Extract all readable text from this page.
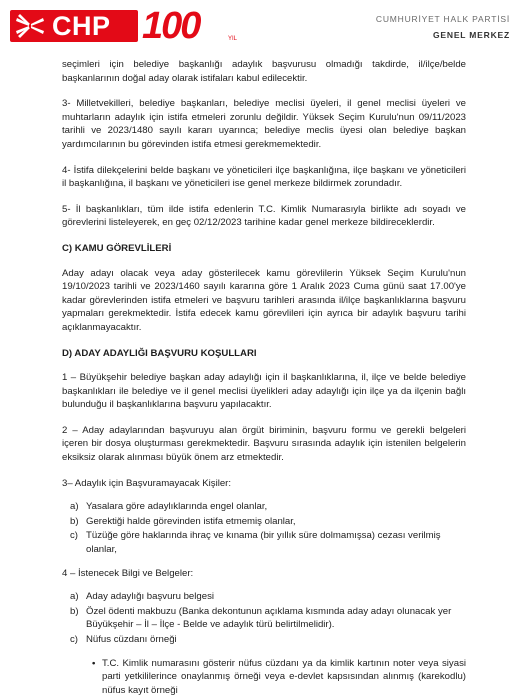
CHP 100	YIL
CUMHURİYET HALK PARTİSİ
GENEL MERKEZ

seçimleri için belediye başkanlığı adaylık başvurusu olmadığı takdirde, il/ilçe/belde başkanlarının doğal aday olarak istifaları kabul edilecektir.

3- Milletvekilleri, belediye başkanları, belediye meclisi üyeleri, il genel meclisi üyeleri ve muhtarların adaylık için istifa etmeleri zorunlu değildir. Yüksek Seçim Kurulu'nun 09/11/2023 tarihli ve 2023/1480 sayılı kararı uyarınca; belediye meclis üyesi olan belediye başkan yardımcılarının bu görevinden istifa etmesi gerekmemektedir.

4- İstifa dilekçelerini belde başkanı ve yöneticileri ilçe başkanlığına, ilçe başkanı ve yöneticileri il başkanlığına, il başkanı ve yöneticileri ise genel merkeze bildirmek zorundadır.

5- İl başkanlıkları, tüm ilde istifa edenlerin T.C. Kimlik Numarasıyla birlikte adı soyadı ve görevlerini listeleyerek, en geç 02/12/2023 tarihine kadar genel merkeze bildireceklerdir.

C) KAMU GÖREVLİLERİ

Aday adayı olacak veya aday gösterilecek kamu görevlilerin Yüksek Seçim Kurulu'nun 19/10/2023 tarihli ve 2023/1460 sayılı kararına göre 1 Aralık 2023 Cuma günü saat 17.00'ye kadar görevlerinden istifa etmeleri ve başvuru tarihleri arasında il/ilçe başkanlıklarına başvuru yapmaları gerekmektedir. İstifa edecek kamu görevlileri için ayrıca bir adaylık başvuru tarihi açıklanmayacaktır.

D) ADAY ADAYLIĞI BAŞVURU KOŞULLARI

1 – Büyükşehir belediye başkan aday adaylığı için il başkanlıklarına, il, ilçe ve belde belediye başkanlıkları ile belediye ve il genel meclisi üyelikleri aday adaylığı için ilçe ya da ilçenin bağlı bulunduğu il başkanlıklarına başvuru yapılacaktır.

2 – Aday adaylarından başvuruyu alan örgüt biriminin, başvuru formu ve gerekli belgeleri içeren bir dosya oluşturması gerekmektedir. Başvuru sırasında adaylık için istenilen belgelerin eksiksiz olarak alınması büyük önem arz etmektedir.

3– Adaylık için Başvuramayacak Kişiler:

a) Yasalara göre adaylıklarında engel olanlar,
b) Gerektiği halde görevinden istifa etmemiş olanlar,
c) Tüzüğe göre haklarında ihraç ve kınama (bir yıllık süre dolmamışsa) cezası verilmiş olanlar,

4 – İstenecek Bilgi ve Belgeler:

a) Aday adaylığı başvuru belgesi
b) Özel ödenti makbuzu (Banka dekontunun açıklama kısmında aday adayı olunacak yer Büyükşehir – İl – İlçe - Belde ve adaylık türü belirtilmelidir).
c) Nüfus cüzdanı örneği
• T.C. Kimlik numarasını gösterir nüfus cüzdanı ya da kimlik kartının noter veya siyasi parti yetkililerince onaylanmış örneği veya e-devlet kapsısından alınmış (karekodlu) nüfus kayıt örneği
